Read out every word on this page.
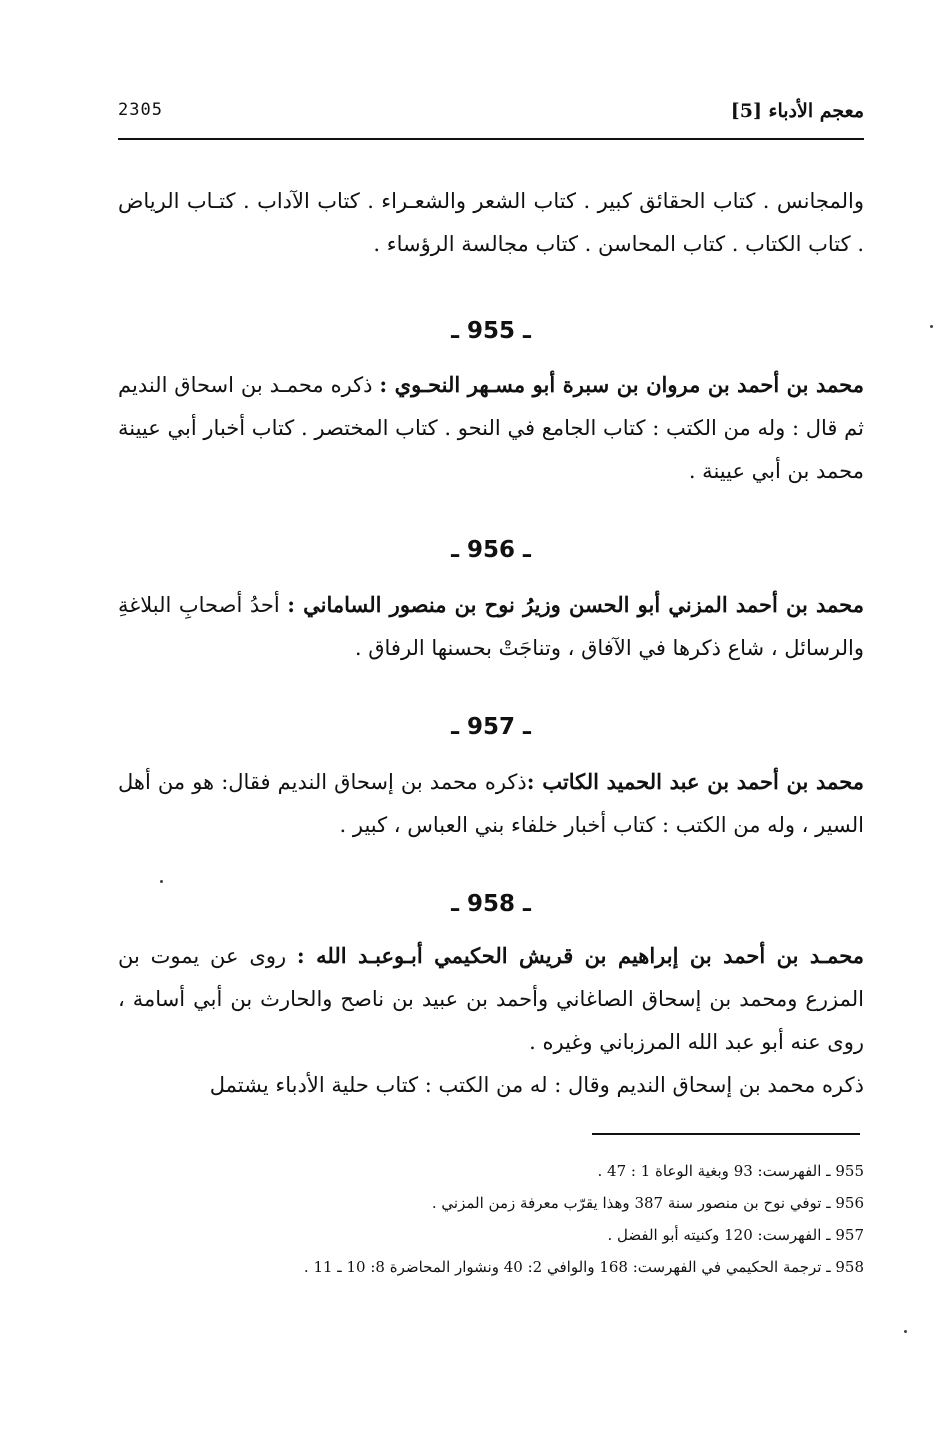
معجم الأدباء [5]
2305
والمجانس . كتاب الحقائق كبير . كتاب الشعر والشعـراء . كتاب الآداب . كتـاب الرياض . كتاب الكتاب . كتاب المحاسن . كتاب مجالسة الرؤساء .
ـ 955 ـ
محمد بن أحمد بن مروان بن سبرة أبو مسـهر النحـوي : ذكره محمـد بن اسحاق النديم ثم قال : وله من الكتب : كتاب الجامع في النحو . كتاب المختصر . كتاب أخبار أبي عيينة محمد بن أبي عيينة .
ـ 956 ـ
محمد بن أحمد المزني أبو الحسن وزيرُ نوح بن منصور الساماني : أحدُ أصحابِ البلاغةِ والرسائل ، شاع ذكرها في الآفاق ، وتناجَتْ بحسنها الرفاق .
ـ 957 ـ
محمد بن أحمد بن عبد الحميد الكاتب :ذكره محمد بن إسحاق النديم فقال: هو من أهل السير ، وله من الكتب : كتاب أخبار خلفاء بني العباس ، كبير .
ـ 958 ـ
محمـد بن أحمد بن إبراهيم بن قريش الحكيمي أبـوعبـد الله : روى عن يموت بن المزرع ومحمد بن إسحاق الصاغاني وأحمد بن عبيد بن ناصح والحارث بن أبي أسامة ، روى عنه أبو عبد الله المرزباني وغيره .
ذكره محمد بن إسحاق النديم وقال : له من الكتب : كتاب حلية الأدباء يشتمل
955 ـ الفهرست: 93 وبغية الوعاة 1 : 47 .
956 ـ توفي نوح بن منصور سنة 387 وهذا يقرّب معرفة زمن المزني .
957 ـ الفهرست: 120 وكنيته أبو الفضل .
958 ـ ترجمة الحكيمي في الفهرست: 168 والوافي 2: 40 ونشوار المحاضرة 8: 10 ـ 11 .
